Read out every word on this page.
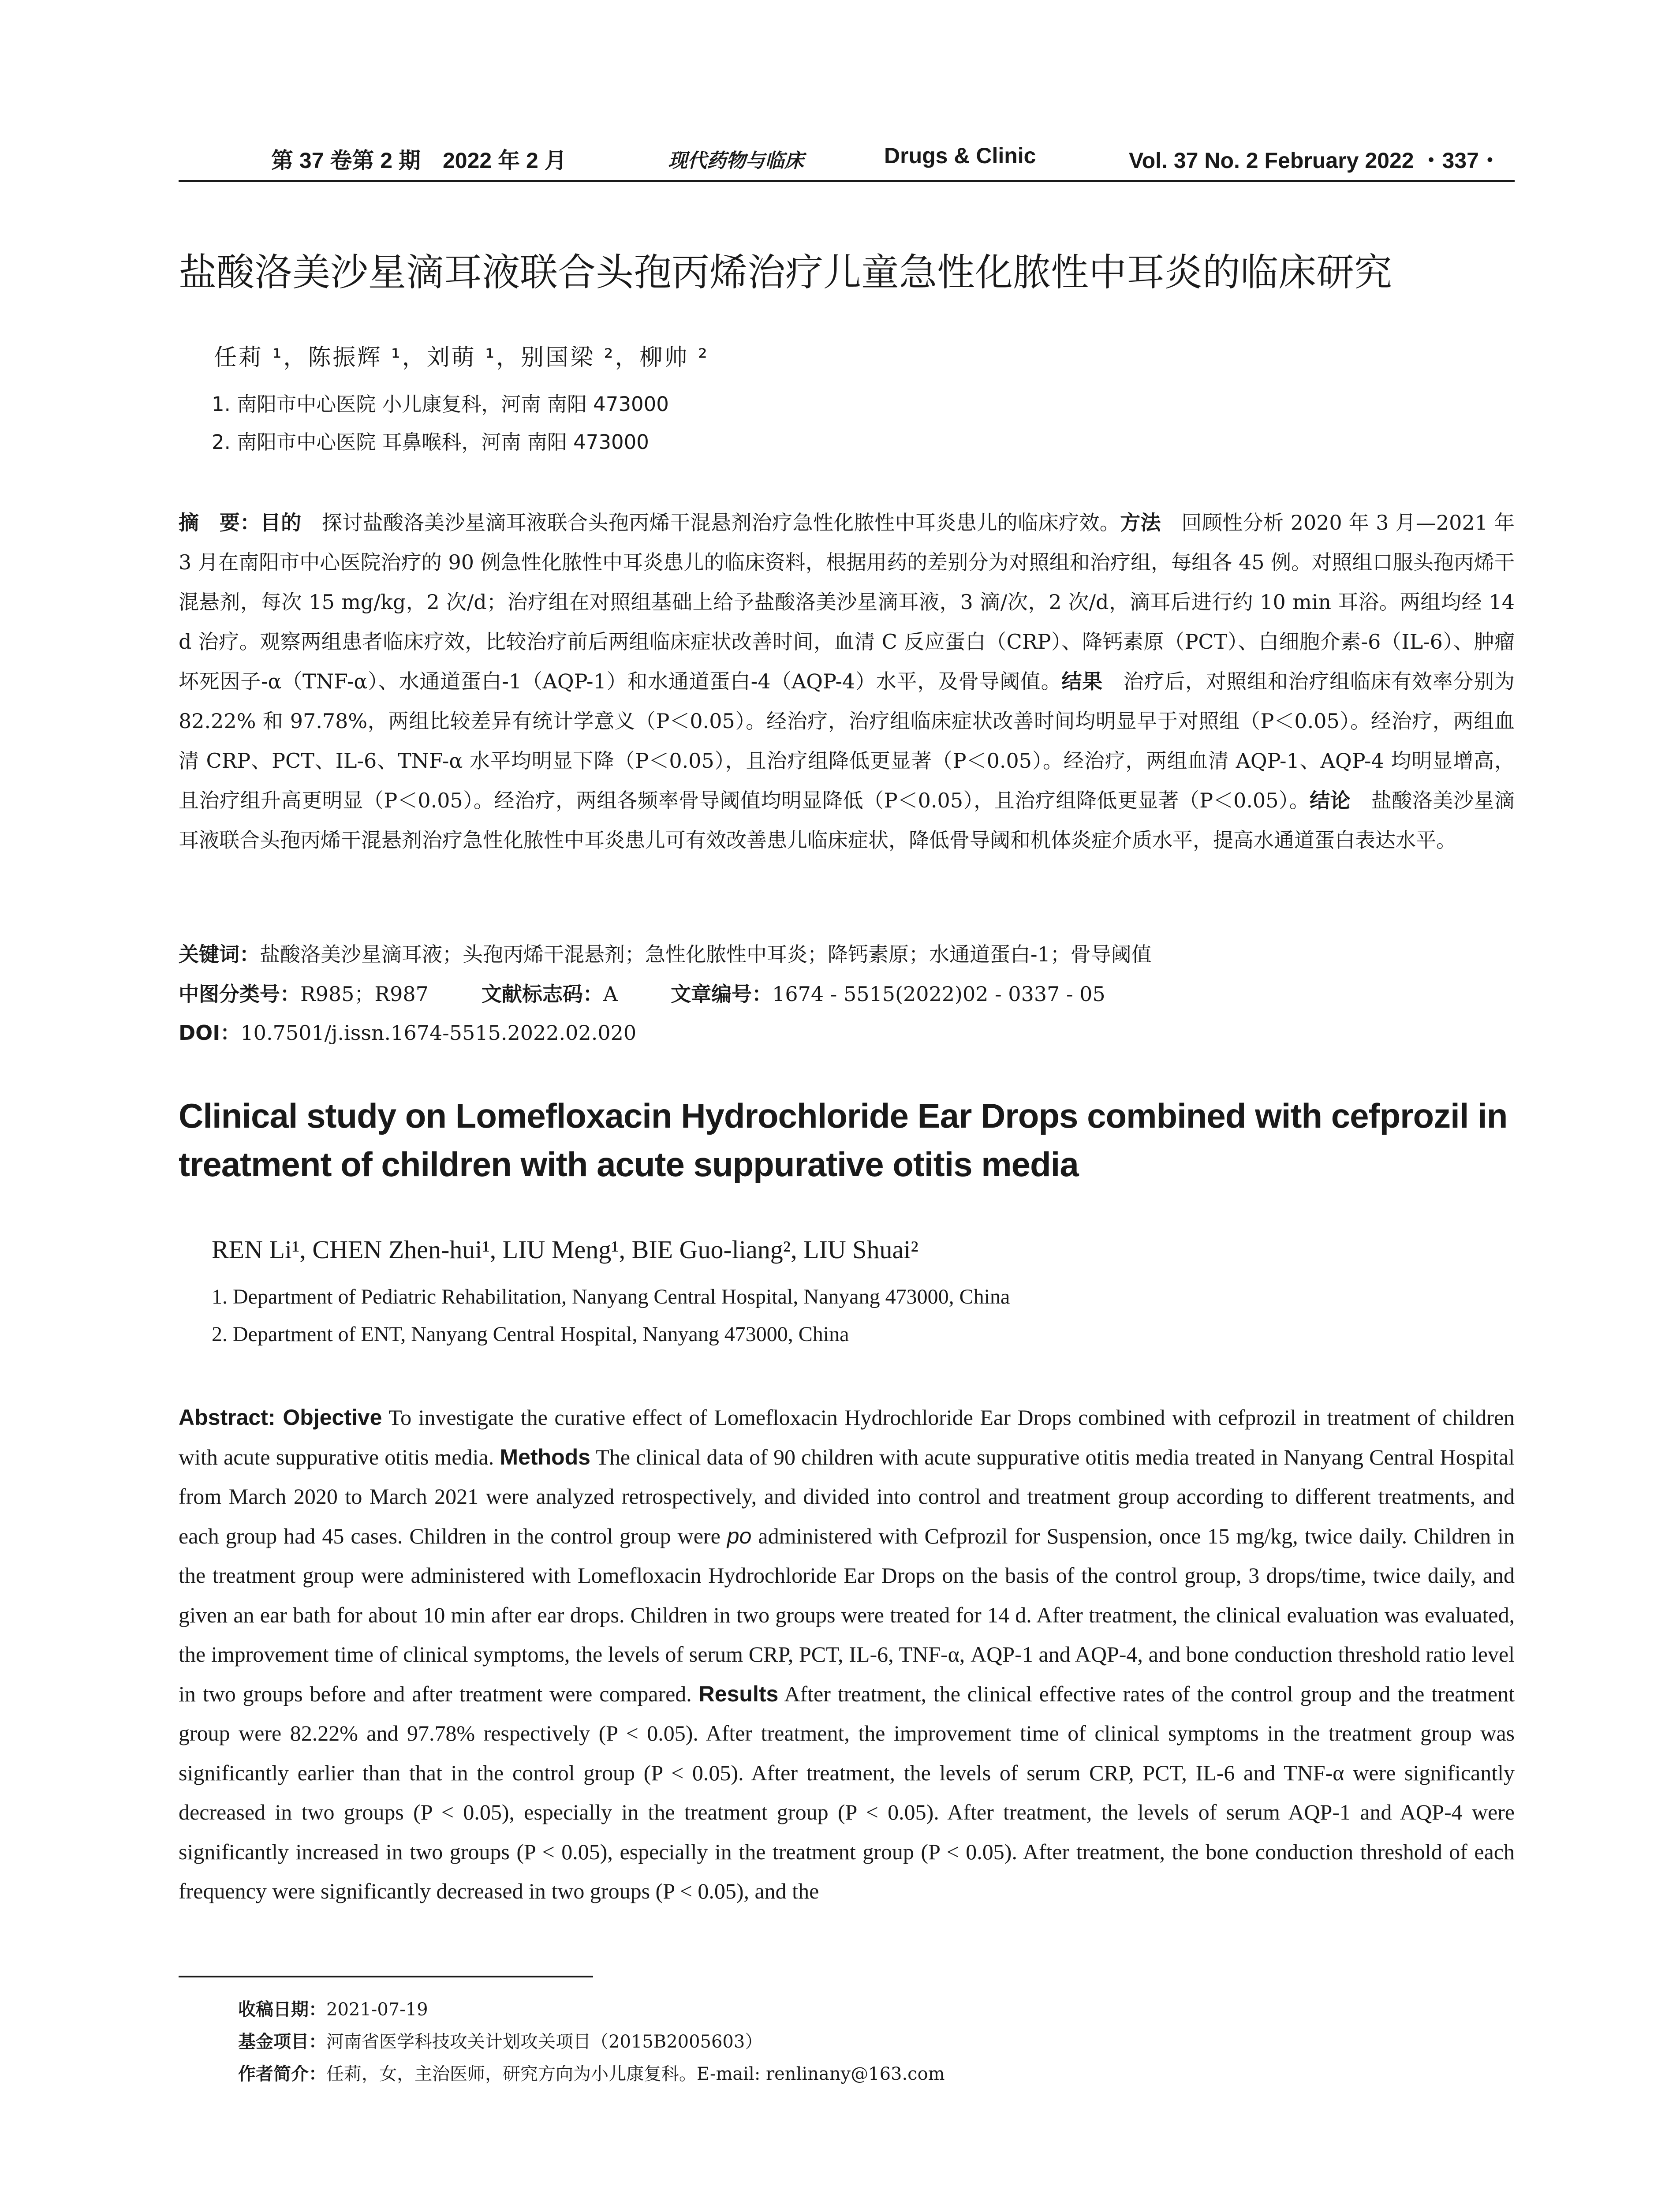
第 37 卷第 2 期　2022 年 2 月	现代药物与临床	Drugs & Clinic	Vol. 37 No. 2 February 2022 ・337・
盐酸洛美沙星滴耳液联合头孢丙烯治疗儿童急性化脓性中耳炎的临床研究
任莉 ¹，陈振辉 ¹，刘萌 ¹，别国梁 ²，柳帅 ²
1. 南阳市中心医院 小儿康复科，河南 南阳 473000
2. 南阳市中心医院 耳鼻喉科，河南 南阳 473000
摘　要：目的　探讨盐酸洛美沙星滴耳液联合头孢丙烯干混悬剂治疗急性化脓性中耳炎患儿的临床疗效。方法　回顾性分析 2020 年 3 月—2021 年 3 月在南阳市中心医院治疗的 90 例急性化脓性中耳炎患儿的临床资料，根据用药的差别分为对照组和治疗组，每组各 45 例。对照组口服头孢丙烯干混悬剂，每次 15 mg/kg，2 次/d；治疗组在对照组基础上给予盐酸洛美沙星滴耳液，3 滴/次，2 次/d，滴耳后进行约 10 min 耳浴。两组均经 14 d 治疗。观察两组患者临床疗效，比较治疗前后两组临床症状改善时间，血清 C 反应蛋白（CRP）、降钙素原（PCT）、白细胞介素-6（IL-6）、肿瘤坏死因子-α（TNF-α）、水通道蛋白-1（AQP-1）和水通道蛋白-4（AQP-4）水平，及骨导阈值。结果　治疗后，对照组和治疗组临床有效率分别为 82.22% 和 97.78%，两组比较差异有统计学意义（P＜0.05）。经治疗，治疗组临床症状改善时间均明显早于对照组（P＜0.05）。经治疗，两组血清 CRP、PCT、IL-6、TNF-α 水平均明显下降（P＜0.05），且治疗组降低更显著（P＜0.05）。经治疗，两组血清 AQP-1、AQP-4 均明显增高，且治疗组升高更明显（P＜0.05）。经治疗，两组各频率骨导阈值均明显降低（P＜0.05），且治疗组降低更显著（P＜0.05）。结论　盐酸洛美沙星滴耳液联合头孢丙烯干混悬剂治疗急性化脓性中耳炎患儿可有效改善患儿临床症状，降低骨导阈和机体炎症介质水平，提高水通道蛋白表达水平。
关键词：盐酸洛美沙星滴耳液；头孢丙烯干混悬剂；急性化脓性中耳炎；降钙素原；水通道蛋白-1；骨导阈值
中图分类号：R985；R987	文献标志码：A	文章编号：1674 - 5515(2022)02 - 0337 - 05
DOI：10.7501/j.issn.1674-5515.2022.02.020
Clinical study on Lomefloxacin Hydrochloride Ear Drops combined with cefprozil in treatment of children with acute suppurative otitis media
REN Li¹, CHEN Zhen-hui¹, LIU Meng¹, BIE Guo-liang², LIU Shuai²
1. Department of Pediatric Rehabilitation, Nanyang Central Hospital, Nanyang 473000, China
2. Department of ENT, Nanyang Central Hospital, Nanyang 473000, China
Abstract: Objective To investigate the curative effect of Lomefloxacin Hydrochloride Ear Drops combined with cefprozil in treatment of children with acute suppurative otitis media. Methods The clinical data of 90 children with acute suppurative otitis media treated in Nanyang Central Hospital from March 2020 to March 2021 were analyzed retrospectively, and divided into control and treatment group according to different treatments, and each group had 45 cases. Children in the control group were po administered with Cefprozil for Suspension, once 15 mg/kg, twice daily. Children in the treatment group were administered with Lomefloxacin Hydrochloride Ear Drops on the basis of the control group, 3 drops/time, twice daily, and given an ear bath for about 10 min after ear drops. Children in two groups were treated for 14 d. After treatment, the clinical evaluation was evaluated, the improvement time of clinical symptoms, the levels of serum CRP, PCT, IL-6, TNF-α, AQP-1 and AQP-4, and bone conduction threshold ratio level in two groups before and after treatment were compared. Results After treatment, the clinical effective rates of the control group and the treatment group were 82.22% and 97.78% respectively (P < 0.05). After treatment, the improvement time of clinical symptoms in the treatment group was significantly earlier than that in the control group (P < 0.05). After treatment, the levels of serum CRP, PCT, IL-6 and TNF-α were significantly decreased in two groups (P < 0.05), especially in the treatment group (P < 0.05). After treatment, the levels of serum AQP-1 and AQP-4 were significantly increased in two groups (P < 0.05), especially in the treatment group (P < 0.05). After treatment, the bone conduction threshold of each frequency were significantly decreased in two groups (P < 0.05), and the
收稿日期：2021-07-19
基金项目：河南省医学科技攻关计划攻关项目（2015B2005603）
作者简介：任莉，女，主治医师，研究方向为小儿康复科。E-mail: renlinany@163.com
